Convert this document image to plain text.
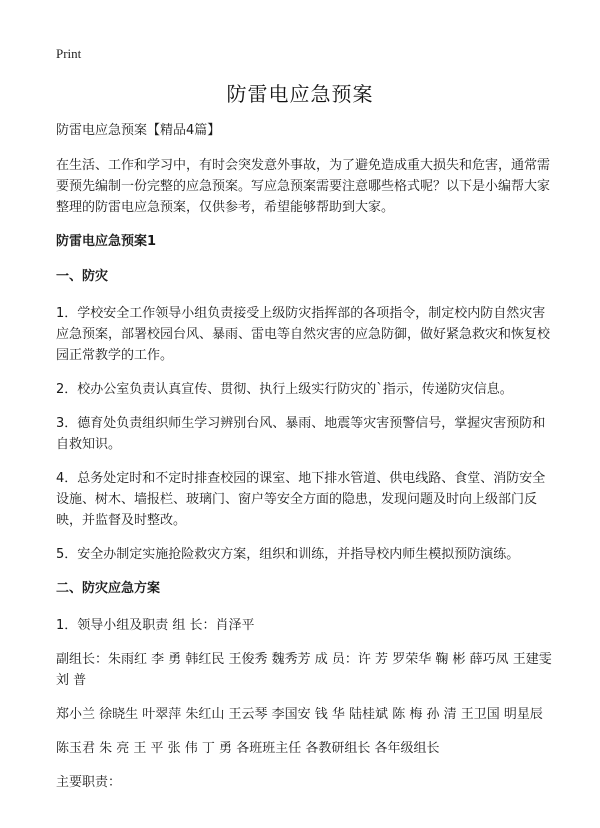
Print
防雷电应急预案

防雷电应急预案【精品4篇】

在生活、工作和学习中，有时会突发意外事故，为了避免造成重大损失和危害，通常需要预先编制一份完整的应急预案。写应急预案需要注意哪些格式呢？以下是小编帮大家整理的防雷电应急预案，仅供参考，希望能够帮助到大家。

防雷电应急预案1

一、防灾

1．学校安全工作领导小组负责接受上级防灾指挥部的各项指令，制定校内防自然灾害应急预案，部署校园台风、暴雨、雷电等自然灾害的应急防御，做好紧急救灾和恢复校园正常教学的工作。

2．校办公室负责认真宣传、贯彻、执行上级实行防灾的`指示，传递防灾信息。

3．德育处负责组织师生学习辨别台风、暴雨、地震等灾害预警信号，掌握灾害预防和自救知识。

4．总务处定时和不定时排查校园的课室、地下排水管道、供电线路、食堂、消防安全设施、树木、墙报栏、玻璃门、窗户等安全方面的隐患，发现问题及时向上级部门反映，并监督及时整改。

5．安全办制定实施抢险救灾方案，组织和训练，并指导校内师生模拟预防演练。

二、防灾应急方案

1．领导小组及职责 组 长：肖泽平

副组长：朱雨红 李 勇 韩红民 王俊秀 魏秀芳 成 员：许 芳 罗荣华 鞠 彬 薛巧凤 王建雯 刘 普

郑小兰 徐晓生 叶翠萍 朱红山 王云琴 李国安 钱 华 陆桂斌 陈 梅 孙 清 王卫国 明星辰

陈玉君 朱 亮 王 平 张 伟 丁 勇 各班班主任 各教研组长 各年级组长

主要职责：
